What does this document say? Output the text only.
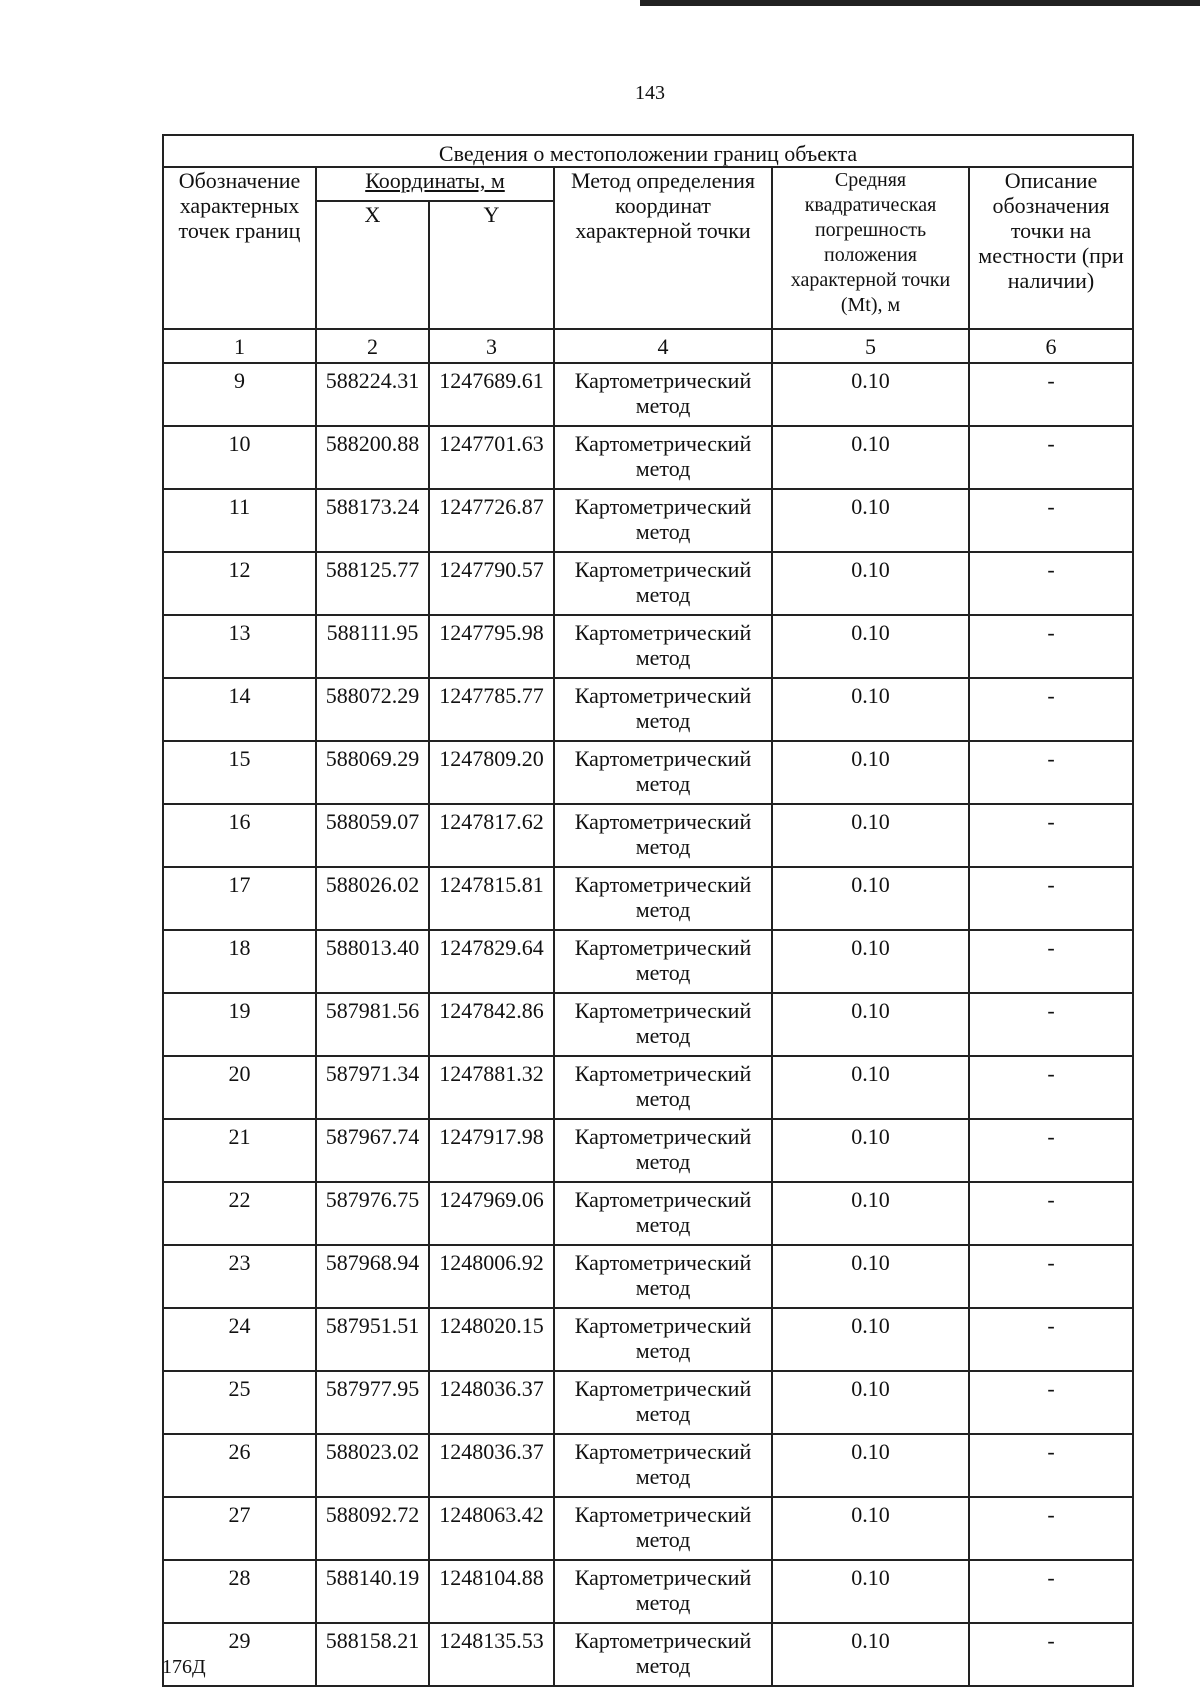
143
Сведения о местоположении границ объекта					
Обозначение характерных точек границ	Координаты, м		Метод определения координат характерной точки	Средняя квадратическая погрешность положения характерной точки (Mt), м	Описание обозначения точки на местности (при наличии)
	X	Y			
1	2	3	4	5	6
9	588224.31	1247689.61	Картометрический метод	0.10	-
10	588200.88	1247701.63	Картометрический метод	0.10	-
11	588173.24	1247726.87	Картометрический метод	0.10	-
12	588125.77	1247790.57	Картометрический метод	0.10	-
13	588111.95	1247795.98	Картометрический метод	0.10	-
14	588072.29	1247785.77	Картометрический метод	0.10	-
15	588069.29	1247809.20	Картометрический метод	0.10	-
16	588059.07	1247817.62	Картометрический метод	0.10	-
17	588026.02	1247815.81	Картометрический метод	0.10	-
18	588013.40	1247829.64	Картометрический метод	0.10	-
19	587981.56	1247842.86	Картометрический метод	0.10	-
20	587971.34	1247881.32	Картометрический метод	0.10	-
21	587967.74	1247917.98	Картометрический метод	0.10	-
22	587976.75	1247969.06	Картометрический метод	0.10	-
23	587968.94	1248006.92	Картометрический метод	0.10	-
24	587951.51	1248020.15	Картометрический метод	0.10	-
25	587977.95	1248036.37	Картометрический метод	0.10	-
26	588023.02	1248036.37	Картометрический метод	0.10	-
27	588092.72	1248063.42	Картометрический метод	0.10	-
28	588140.19	1248104.88	Картометрический метод	0.10	-
29	588158.21	1248135.53	Картометрический метод	0.10	-
176Д
